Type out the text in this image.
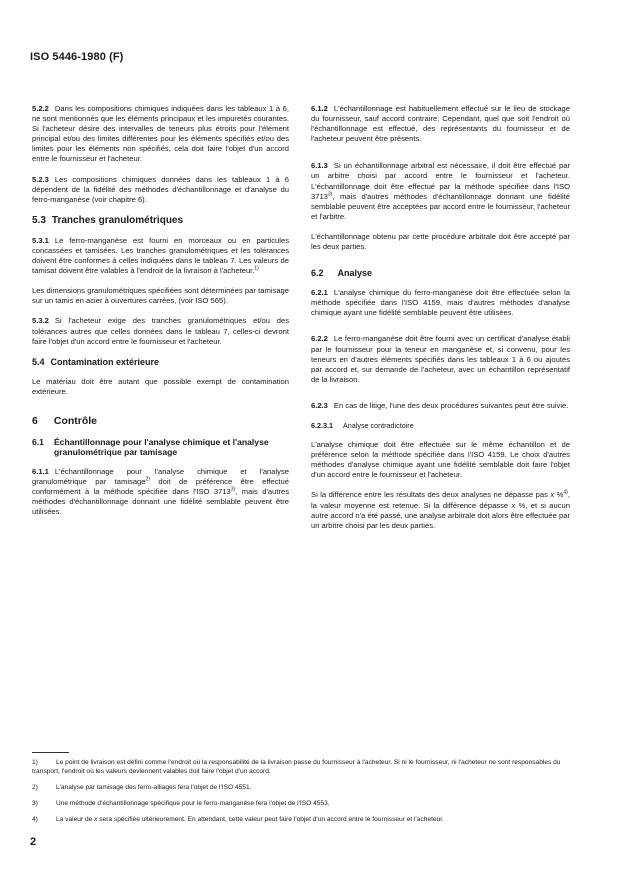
ISO 5446-1980 (F)

5.2.2 Dans les compositions chimiques indiquées dans les tableaux 1 à 6, ne sont mentionnés que les éléments principaux et les impuretés courantes. Si l'acheteur désire des intervalles de teneurs plus étroits pour l'élément principal et/ou des limites différentes pour les éléments spécifiés et/ou des limites pour les éléments non spécifiés, cela doit faire l'objet d'un accord entre le fournisseur et l'acheteur.

5.2.3 Les compositions chimiques données dans les tableaux 1 à 6 dépendent de la fidélité des méthodes d'échantillonnage et d'analyse du ferro-manganèse (voir chapitre 6).

5.3 Tranches granulométriques

5.3.1 Le ferro-manganèse est fourni en morceaux ou en particules concassées et tamisées. Les tranches granulométriques et les tolérances doivent être conformes à celles indiquées dans le tableau 7. Les valeurs de tamisat doivent être valables à l'endroit de la livraison à l'acheteur.$^{1)}$

Les dimensions granulométriques spécifiées sont déterminées par tamisage sur un tamis en acier à ouvertures carrées, (voir ISO 565).

5.3.2 Si l'acheteur exige des tranches granulométriques et/ou des tolérances autres que celles données dans le tableau 7, celles-ci devront faire l'objet d'un accord entre le fournisseur et l'acheteur.

5.4 Contamination extérieure

Le matériau doit être autant que possible exempt de contamination extérieure.

6 Contrôle
6.1 Échantillonnage pour l'analyse chimique et l'analyse granulométrique par tamisage

6.1.1 L'échantillonnage pour l'analyse chimique et l'analyse granulométrique par tamisage$^{2)}$ doit de préférence être effectué conformément à la méthode spécifiée dans l'ISO 3713$^{3)}$, mais d'autres méthodes d'échantillonnage donnant une fidélité semblable peuvent être utilisées.

6.1.2 L'échantillonnage est habituellement effectué sur le lieu de stockage du fournisseur, sauf accord contraire. Cependant, quel que soit l'endroit où l'échantillonnage est effectué, des représentants du fournisseur et de l'acheteur peuvent être présents.

6.1.3 Si un échantillonnage arbitral est nécessaire, il doit être effectué par un arbitre choisi par accord entre le fournisseur et l'acheteur. L'échantillonnage doit être effectué par la méthode spécifiée dans l'ISO 3713$^{3)}$, mais d'autres méthodes d'échantillonnage donnant une fidélité semblable peuvent être acceptées par accord entre le fournisseur, l'acheteur et l'arbitre.

L'échantillonnage obtenu par cette procédure arbitrale doit être accepté par les deux parties.

6.2 Analyse

6.2.1 L'analyse chimique du ferro-manganèse doit être effectuée selon la méthode spécifiée dans l'ISO 4159, mais d'autres méthodes d'analyse chimique ayant une fidélité semblable peuvent être utilisées.

6.2.2 Le ferro-manganèse doit être fourni avec un certificat d'analyse établi par le fournisseur pour la teneur en manganèse et, si convenu, pour les teneurs en d'autres éléments spécifiés dans les tableaux 1 à 6 ou ajoutés par accord et, sur demande de l'acheteur, avec un échantillon représentatif de la livraison.

6.2.3 En cas de litige, l'une des deux procédures suivantes peut être suivie.

6.2.3.1 Analyse contradictoire

L'analyse chimique doit être effectuée sur le même échantillon et de préférence selon la méthode spécifiée dans l'ISO 4159. Le choix d'autres méthodes d'analyse chimique ayant une fidélité semblable doit faire l'objet d'un accord entre le fournisseur et l'acheteur.

Si la différence entre les résultats des deux analyses ne dépasse pas x %$^{4)}$, la valeur moyenne est retenue. Si la différence dépasse x %, et si aucun autre accord n'a été passé, une analyse arbitrale doit alors être effectuée par un arbitre choisi par les deux parties.

1)	Le point de livraison est défini comme l'endroit où la responsabilité de la livraison passe du fournisseur à l'acheteur. Si ni le fournisseur, ni l'acheteur ne sont responsables du transport, l'endroit où les valeurs deviennent valables doit faire l'objet d'un accord.
2)	L'analyse par tamisage des ferro-alliages fera l'objet de l'ISO 4551.
3)	Une méthode d'échantillonnage spécifique pour le ferro-manganèse fera l'objet de l'ISO 4553.
4)	La valeur de x sera spécifiée ultérieurement. En attendant, cette valeur peut faire l'objet d'un accord entre le fournisseur et l'acheteur.
2
